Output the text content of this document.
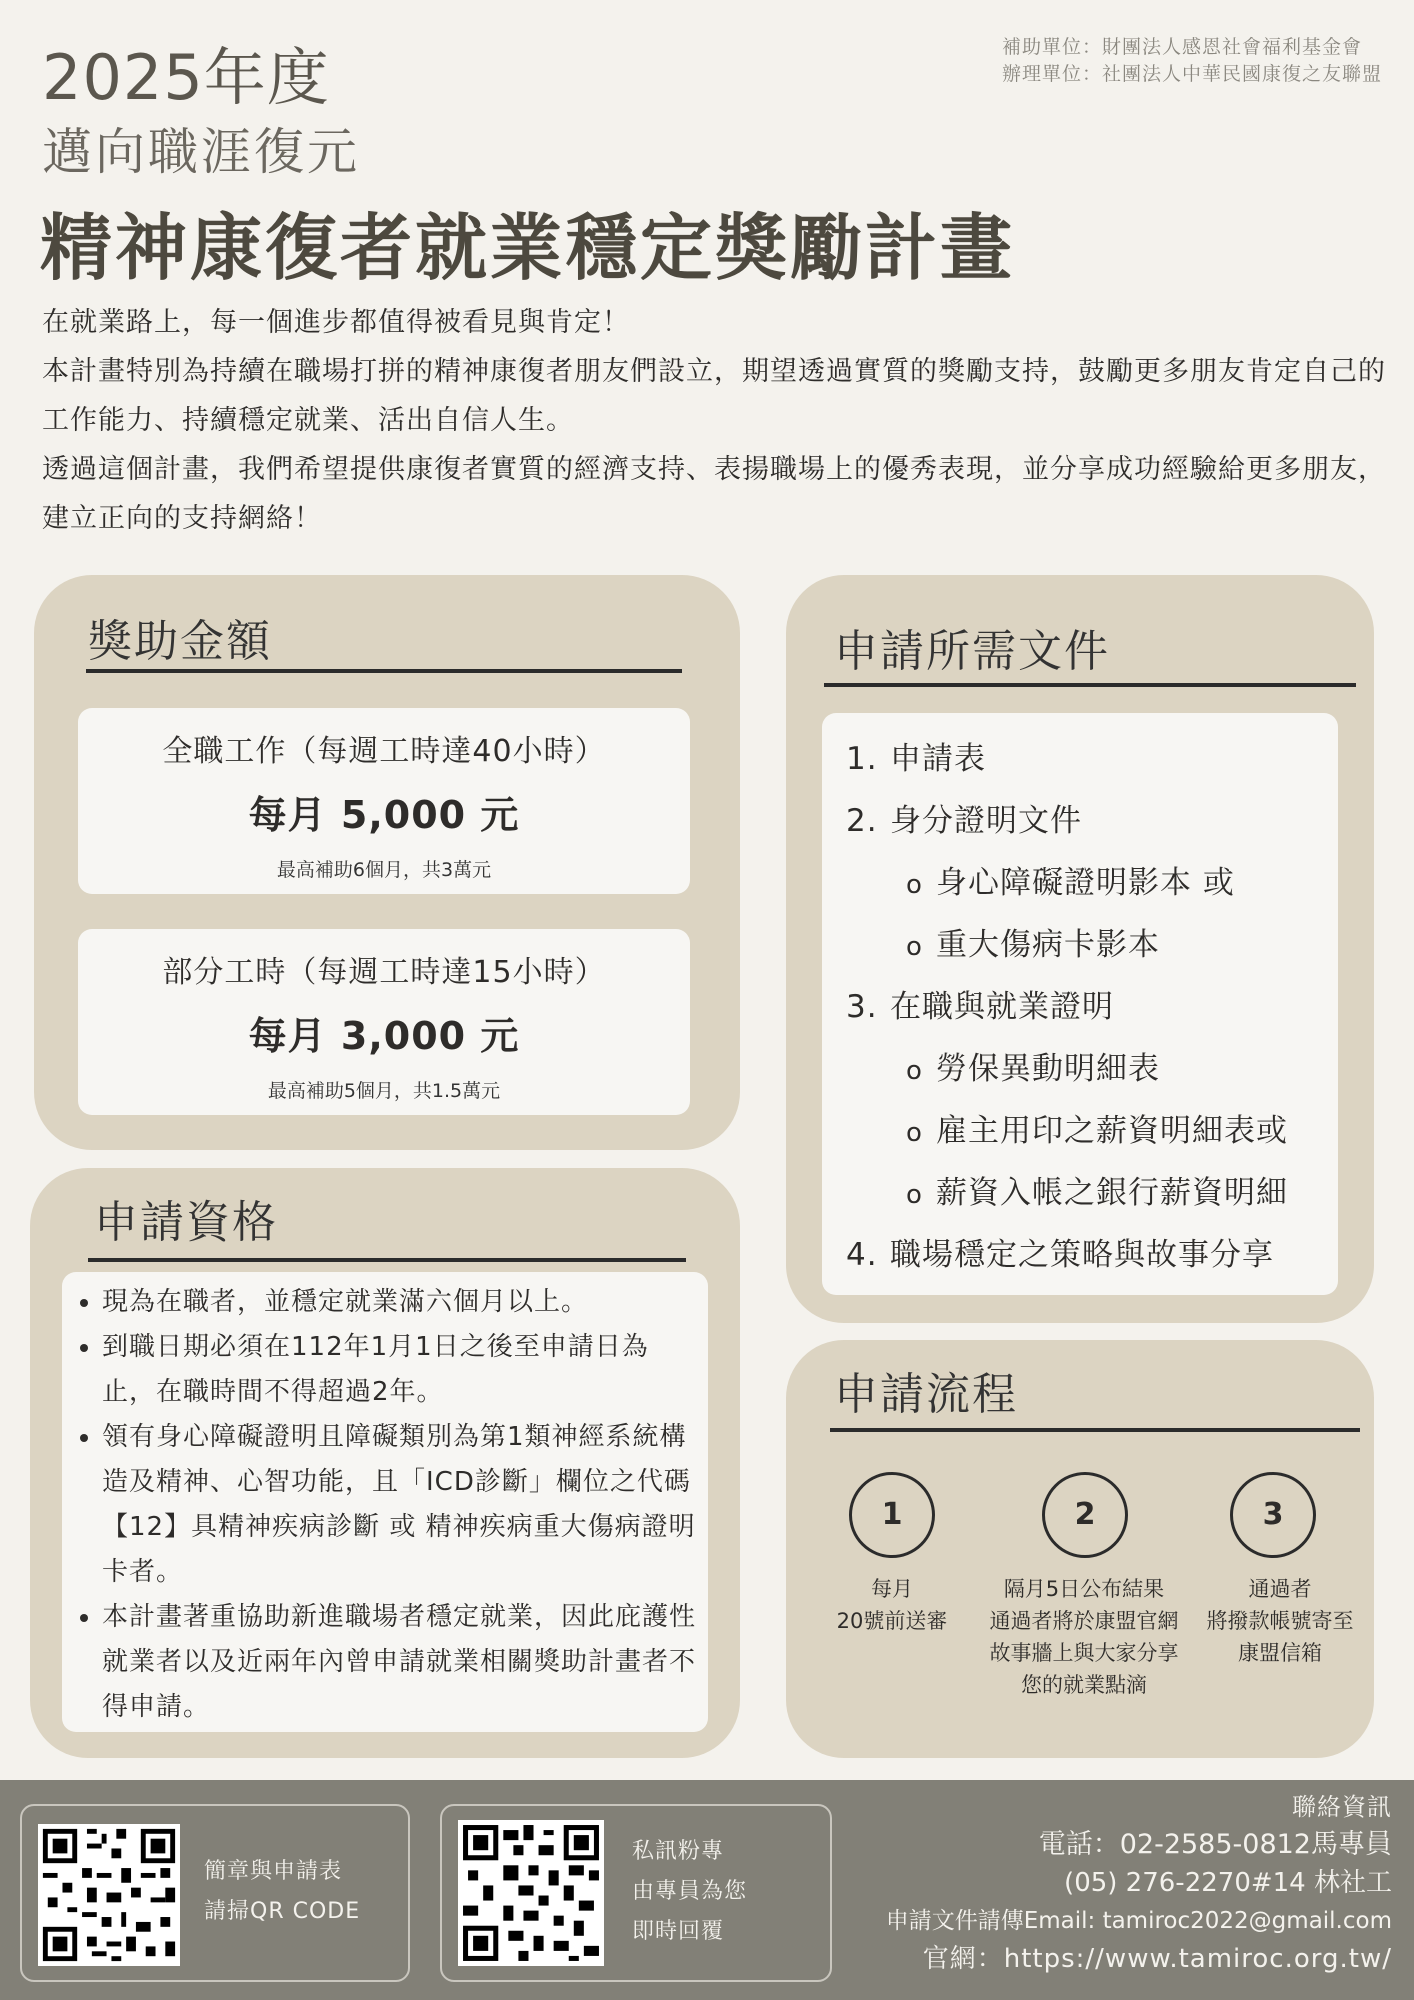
補助單位：財團法人感恩社會福利基金會
辦理單位：社團法人中華民國康復之友聯盟
2025年度
邁向職涯復元
精神康復者就業穩定獎勵計畫

在就業路上，每一個進步都值得被看見與肯定！

本計畫特別為持續在職場打拼的精神康復者朋友們設立，期望透過實質的獎勵支持，鼓勵更多朋友肯定自己的工作能力、持續穩定就業、活出自信人生。

透過這個計畫，我們希望提供康復者實質的經濟支持、表揚職場上的優秀表現，並分享成功經驗給更多朋友，建立正向的支持網絡！

獎助金額
全職工作（每週工時達40小時）
每月 5,000 元
最高補助6個月，共3萬元
部分工時（每週工時達15小時）
每月 3,000 元
最高補助5個月，共1.5萬元
申請所需文件
1. 申請表
2. 身分證明文件
o 身心障礙證明影本 或
o 重大傷病卡影本
3. 在職與就業證明
o 勞保異動明細表
o 雇主用印之薪資明細表或
o 薪資入帳之銀行薪資明細
4. 職場穩定之策略與故事分享
申請資格
• 現為在職者，並穩定就業滿六個月以上。
• 到職日期必須在112年1月1日之後至申請日為止，在職時間不得超過2年。
• 領有身心障礙證明且障礙類別為第1類神經系統構造及精神、心智功能，且「ICD診斷」欄位之代碼【12】具精神疾病診斷 或 精神疾病重大傷病證明卡者。
• 本計畫著重協助新進職場者穩定就業，因此庇護性就業者以及近兩年內曾申請就業相關獎助計畫者不得申請。
申請流程
1	2	3
每月
20號前送審
隔月5日公布結果
通過者將於康盟官網
故事牆上與大家分享
您的就業點滴
通過者
將撥款帳號寄至
康盟信箱
簡章與申請表
請掃QR CODE
私訊粉專
由專員為您
即時回覆
聯絡資訊
電話：02-2585-0812馬專員
(05) 276-2270#14 林社工
申請文件請傳Email: tamiroc2022@gmail.com
官網：https://www.tamiroc.org.tw/
